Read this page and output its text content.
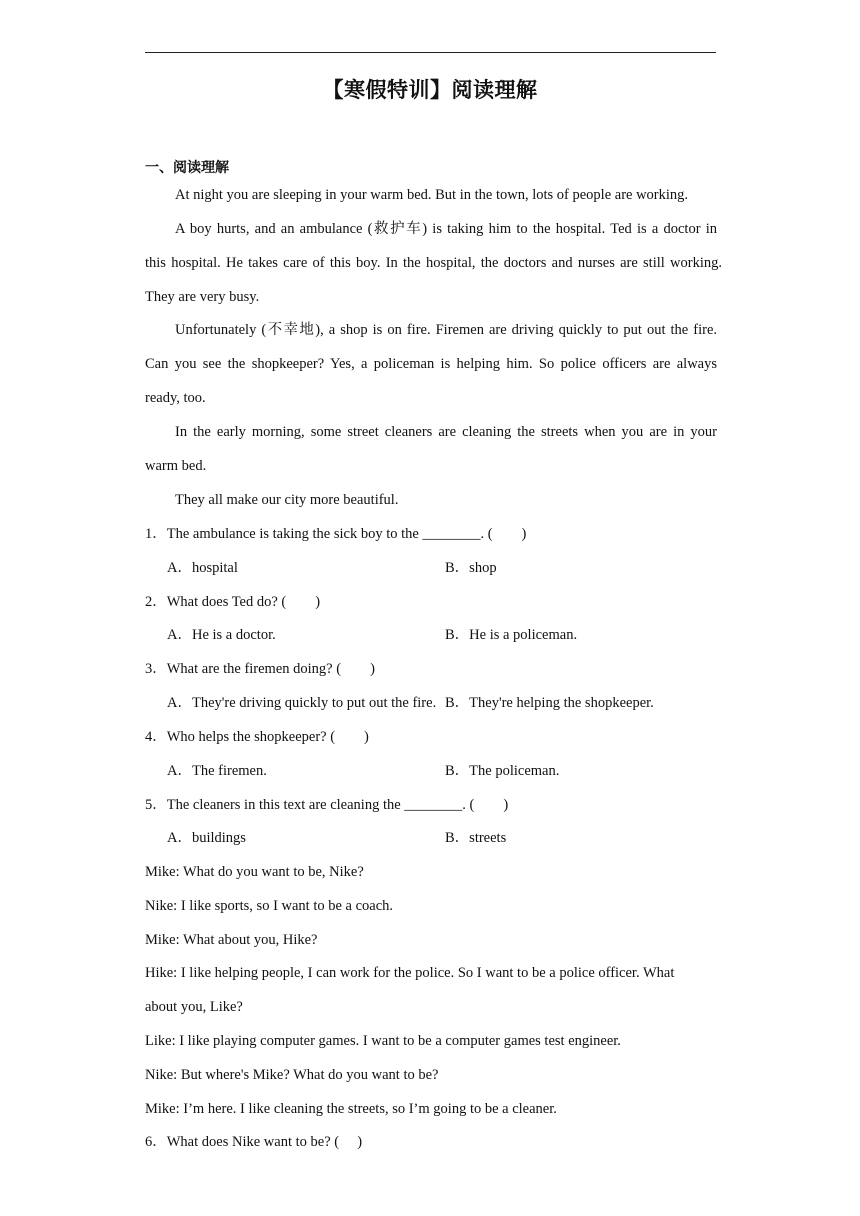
【寒假特训】阅读理解
一、阅读理解
At night you are sleeping in your warm bed. But in the town, lots of people are working.
A boy hurts, and an ambulance (救护车) is taking him to the hospital. Ted is a doctor in
this hospital. He takes care of this boy. In the hospital, the doctors and nurses are still working.
They are very busy.
Unfortunately (不幸地), a shop is on fire. Firemen are driving quickly to put out the fire.
Can you see the shopkeeper? Yes, a policeman is helping him. So police officers are always
ready, too.
In the early morning, some street cleaners are cleaning the streets when you are in your
warm bed.
They all make our city more beautiful.
1．The ambulance is taking the sick boy to the ________. (　　)
A．hospital	B．shop
2．What does Ted do? (　　)
A．He is a doctor.	B．He is a policeman.
3．What are the firemen doing? (　　)
A．They're driving quickly to put out the fire. B．They're helping the shopkeeper.
4．Who helps the shopkeeper? (　　)
A．The firemen.	B．The policeman.
5．The cleaners in this text are cleaning the ________. (　　)
A．buildings	B．streets
Mike: What do you want to be, Nike?
Nike: I like sports, so I want to be a coach.
Mike: What about you, Hike?
Hike: I like helping people, I can work for the police. So I want to be a police officer. What
about you, Like?
Like: I like playing computer games. I want to be a computer games test engineer.
Nike: But where's Mike? What do you want to be?
Mike: I’m here. I like cleaning the streets, so I’m going to be a cleaner.
6．What does Nike want to be? (　 )
